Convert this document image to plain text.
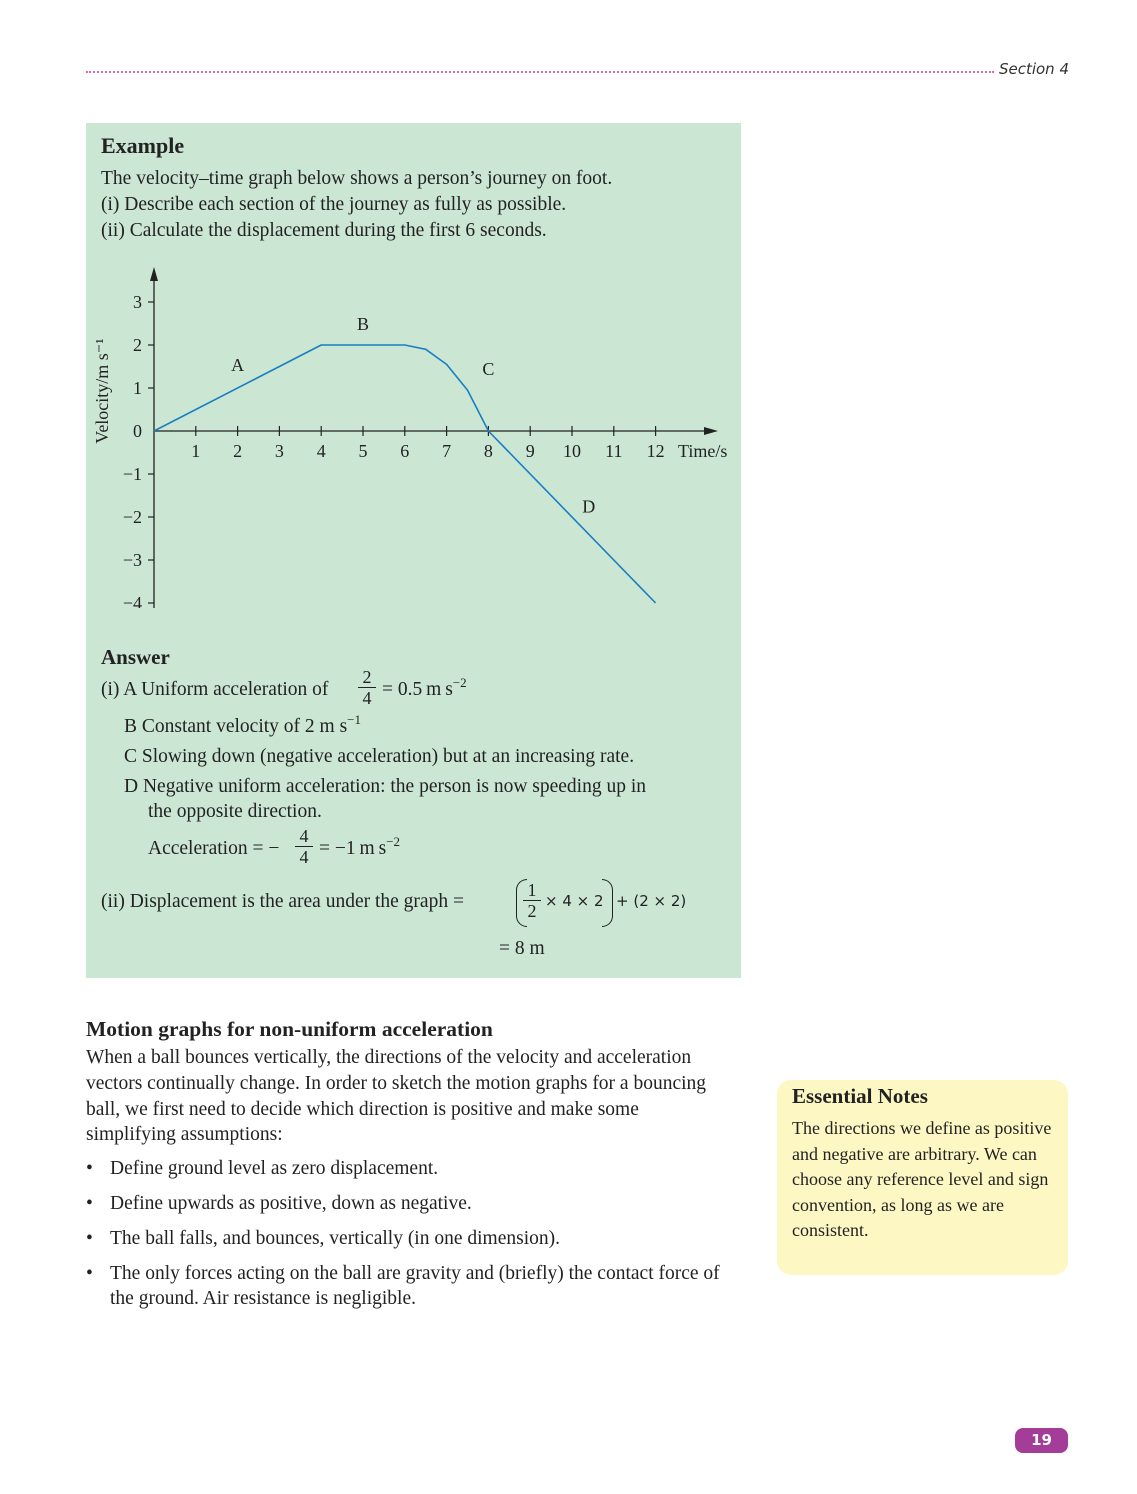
Section 4
Example
The velocity–time graph below shows a person’s journey on foot.
(i) Describe each section of the journey as fully as possible.
(ii) Calculate the displacement during the first 6 seconds.
1 2 3 4 5 6 7 8 9 10 11 12
3
2
1
0
−1
−2
−3
−4
Time/s
Velocity/m s⁻¹	A
B
C
D
Answer
(i) A Uniform acceleration of $\frac{2}{4} = 0.5$ m $s^{-2}$
B Constant velocity of 2 m $s^{-1}$
C Slowing down (negative acceleration) but at an increasing rate.
D Negative uniform acceleration: the person is now speeding up in
the opposite direction.
Acceleration = − $\frac{4}{4} = -1$ m $s^{-2}$
(ii) Displacement is the area under the graph =	$\frac{1}{2} \times 4 \times 2 + (2 \times 2)$
= 8 m
Motion graphs for non-uniform acceleration
When a ball bounces vertically, the directions of the velocity and acceleration vectors continually change. In order to sketch the motion graphs for a bouncing ball, we first need to decide which direction is positive and make some simplifying assumptions:
• Define ground level as zero displacement.
• Define upwards as positive, down as negative.
• The ball falls, and bounces, vertically (in one dimension).
• The only forces acting on the ball are gravity and (briefly) the contact force of the ground. Air resistance is negligible.
Essential Notes
The directions we define as positive and negative are arbitrary. We can choose any reference level and sign convention, as long as we are consistent.
19
